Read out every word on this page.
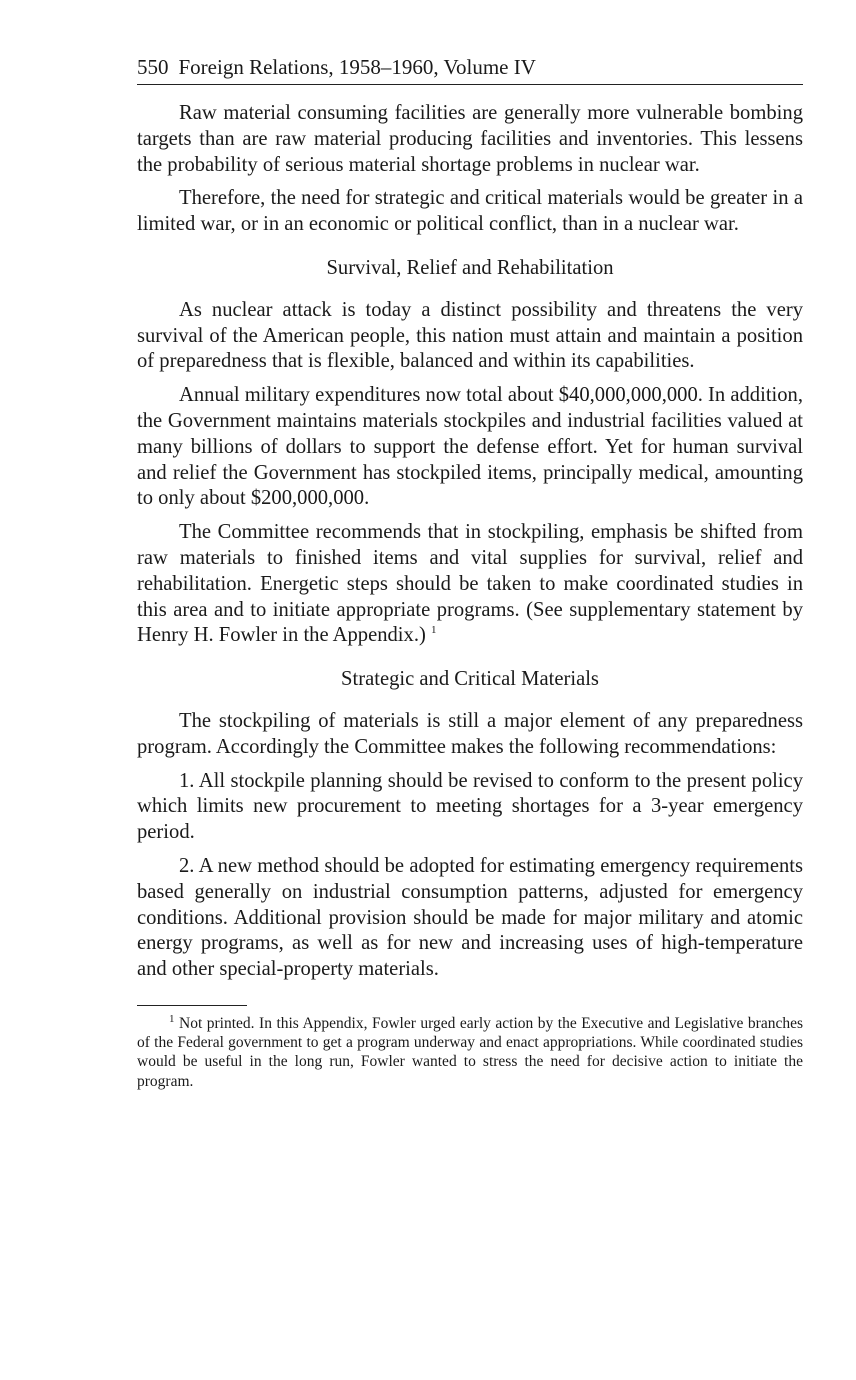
550 Foreign Relations, 1958–1960, Volume IV

Raw material consuming facilities are generally more vulnerable bombing targets than are raw material producing facilities and inventories. This lessens the probability of serious material shortage problems in nuclear war.

Therefore, the need for strategic and critical materials would be greater in a limited war, or in an economic or political conflict, than in a nuclear war.

Survival, Relief and Rehabilitation

As nuclear attack is today a distinct possibility and threatens the very survival of the American people, this nation must attain and maintain a position of preparedness that is flexible, balanced and within its capabilities.

Annual military expenditures now total about $40,000,000,000. In addition, the Government maintains materials stockpiles and industrial facilities valued at many billions of dollars to support the defense effort. Yet for human survival and relief the Government has stockpiled items, principally medical, amounting to only about $200,000,000.

The Committee recommends that in stockpiling, emphasis be shifted from raw materials to finished items and vital supplies for survival, relief and rehabilitation. Energetic steps should be taken to make coordinated studies in this area and to initiate appropriate programs. (See supplementary statement by Henry H. Fowler in the Appendix.) $^1$

Strategic and Critical Materials

The stockpiling of materials is still a major element of any preparedness program. Accordingly the Committee makes the following recommendations:

1. All stockpile planning should be revised to conform to the present policy which limits new procurement to meeting shortages for a 3-year emergency period.

2. A new method should be adopted for estimating emergency requirements based generally on industrial consumption patterns, adjusted for emergency conditions. Additional provision should be made for major military and atomic energy programs, as well as for new and increasing uses of high-temperature and other special-property materials.

$^1$ Not printed. In this Appendix, Fowler urged early action by the Executive and Legislative branches of the Federal government to get a program underway and enact appropriations. While coordinated studies would be useful in the long run, Fowler wanted to stress the need for decisive action to initiate the program.
